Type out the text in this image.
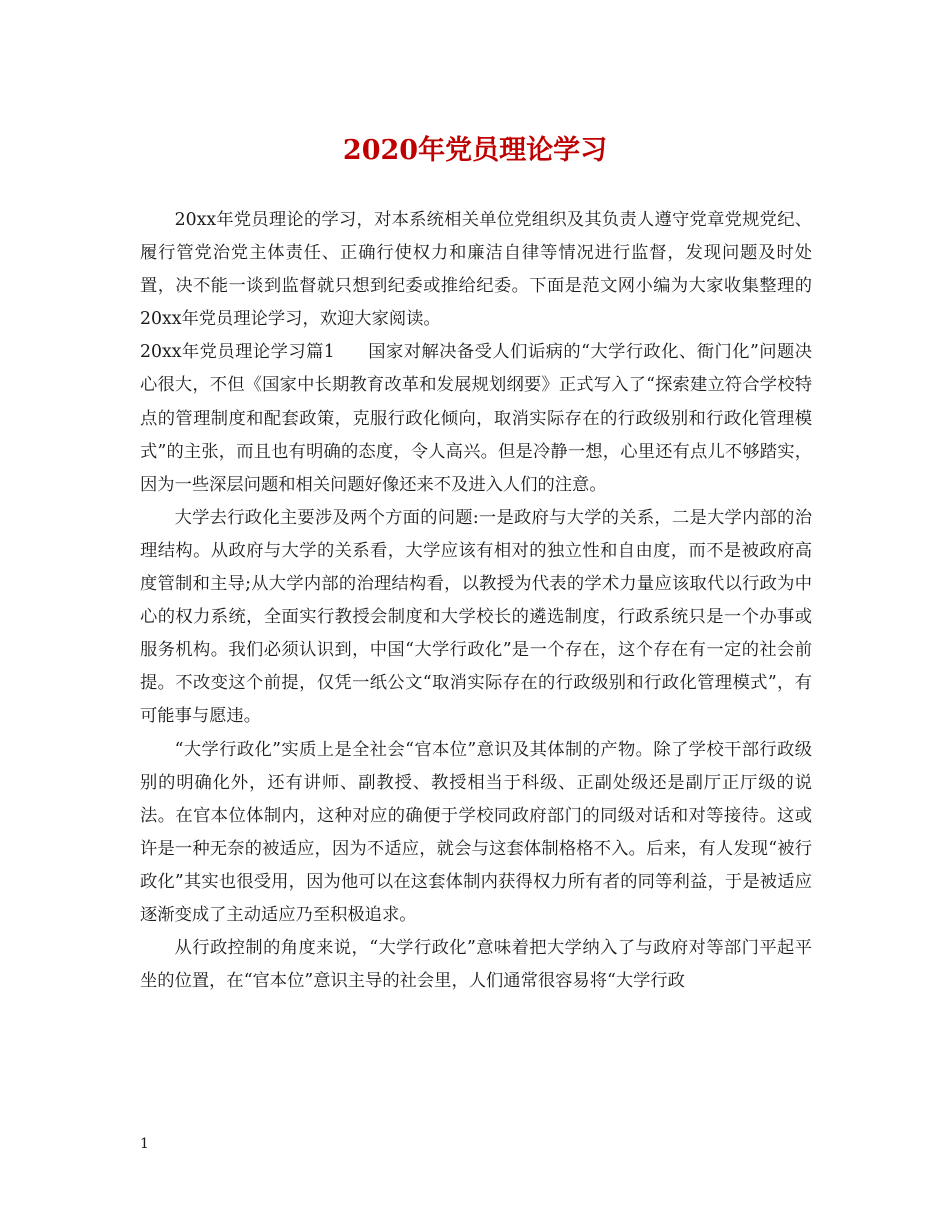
2020年党员理论学习

20xx年党员理论的学习，对本系统相关单位党组织及其负责人遵守党章党规党纪、履行管党治党主体责任、正确行使权力和廉洁自律等情况进行监督，发现问题及时处置，决不能一谈到监督就只想到纪委或推给纪委。下面是范文网小编为大家收集整理的20xx年党员理论学习，欢迎大家阅读。

20xx年党员理论学习篇1 国家对解决备受人们诟病的“大学行政化、衙门化”问题决心很大，不但《国家中长期教育改革和发展规划纲要》正式写入了“探索建立符合学校特点的管理制度和配套政策，克服行政化倾向，取消实际存在的行政级别和行政化管理模式”的主张，而且也有明确的态度，令人高兴。但是冷静一想，心里还有点儿不够踏实，因为一些深层问题和相关问题好像还来不及进入人们的注意。

大学去行政化主要涉及两个方面的问题:一是政府与大学的关系，二是大学内部的治理结构。从政府与大学的关系看，大学应该有相对的独立性和自由度，而不是被政府高度管制和主导;从大学内部的治理结构看，以教授为代表的学术力量应该取代以行政为中心的权力系统，全面实行教授会制度和大学校长的遴选制度，行政系统只是一个办事或服务机构。我们必须认识到，中国“大学行政化”是一个存在，这个存在有一定的社会前提。不改变这个前提，仅凭一纸公文“取消实际存在的行政级别和行政化管理模式”，有可能事与愿违。

“大学行政化”实质上是全社会“官本位”意识及其体制的产物。除了学校干部行政级别的明确化外，还有讲师、副教授、教授相当于科级、正副处级还是副厅正厅级的说法。在官本位体制内，这种对应的确便于学校同政府部门的同级对话和对等接待。这或许是一种无奈的被适应，因为不适应，就会与这套体制格格不入。后来，有人发现“被行政化”其实也很受用，因为他可以在这套体制内获得权力所有者的同等利益，于是被适应逐渐变成了主动适应乃至积极追求。

从行政控制的角度来说，“大学行政化”意味着把大学纳入了与政府对等部门平起平坐的位置，在“官本位”意识主导的社会里，人们通常很容易将“大学行政

1
